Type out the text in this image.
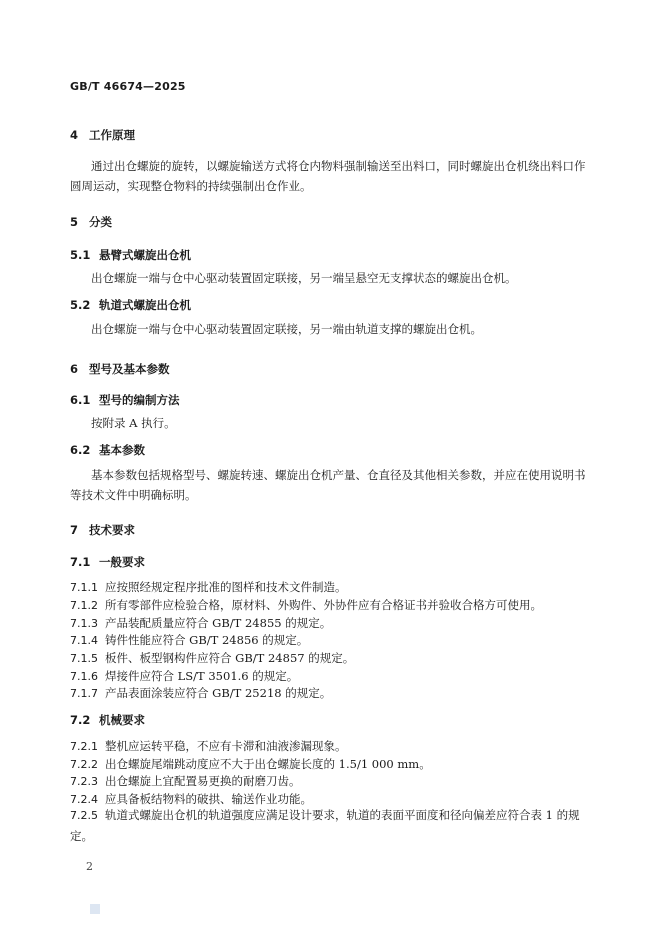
GB/T 46674—2025
4 工作原理
通过出仓螺旋的旋转，以螺旋输送方式将仓内物料强制输送至出料口，同时螺旋出仓机绕出料口作圆周运动，实现整仓物料的持续强制出仓作业。
5 分类
5.1 悬臂式螺旋出仓机
出仓螺旋一端与仓中心驱动装置固定联接，另一端呈悬空无支撑状态的螺旋出仓机。
5.2 轨道式螺旋出仓机
出仓螺旋一端与仓中心驱动装置固定联接，另一端由轨道支撑的螺旋出仓机。
6 型号及基本参数
6.1 型号的编制方法
按附录 A 执行。
6.2 基本参数
基本参数包括规格型号、螺旋转速、螺旋出仓机产量、仓直径及其他相关参数，并应在使用说明书等技术文件中明确标明。
7 技术要求
7.1 一般要求
7.1.1 应按照经规定程序批准的图样和技术文件制造。
7.1.2 所有零部件应检验合格，原材料、外购件、外协件应有合格证书并验收合格方可使用。
7.1.3 产品装配质量应符合 GB/T 24855 的规定。
7.1.4 铸件性能应符合 GB/T 24856 的规定。
7.1.5 板件、板型钢构件应符合 GB/T 24857 的规定。
7.1.6 焊接件应符合 LS/T 3501.6 的规定。
7.1.7 产品表面涂装应符合 GB/T 25218 的规定。
7.2 机械要求
7.2.1 整机应运转平稳，不应有卡滞和油液渗漏现象。
7.2.2 出仓螺旋尾端跳动度应不大于出仓螺旋长度的 1.5/1 000 mm。
7.2.3 出仓螺旋上宜配置易更换的耐磨刀齿。
7.2.4 应具备板结物料的破拱、输送作业功能。
7.2.5 轨道式螺旋出仓机的轨道强度应满足设计要求，轨道的表面平面度和径向偏差应符合表 1 的规定。
2
